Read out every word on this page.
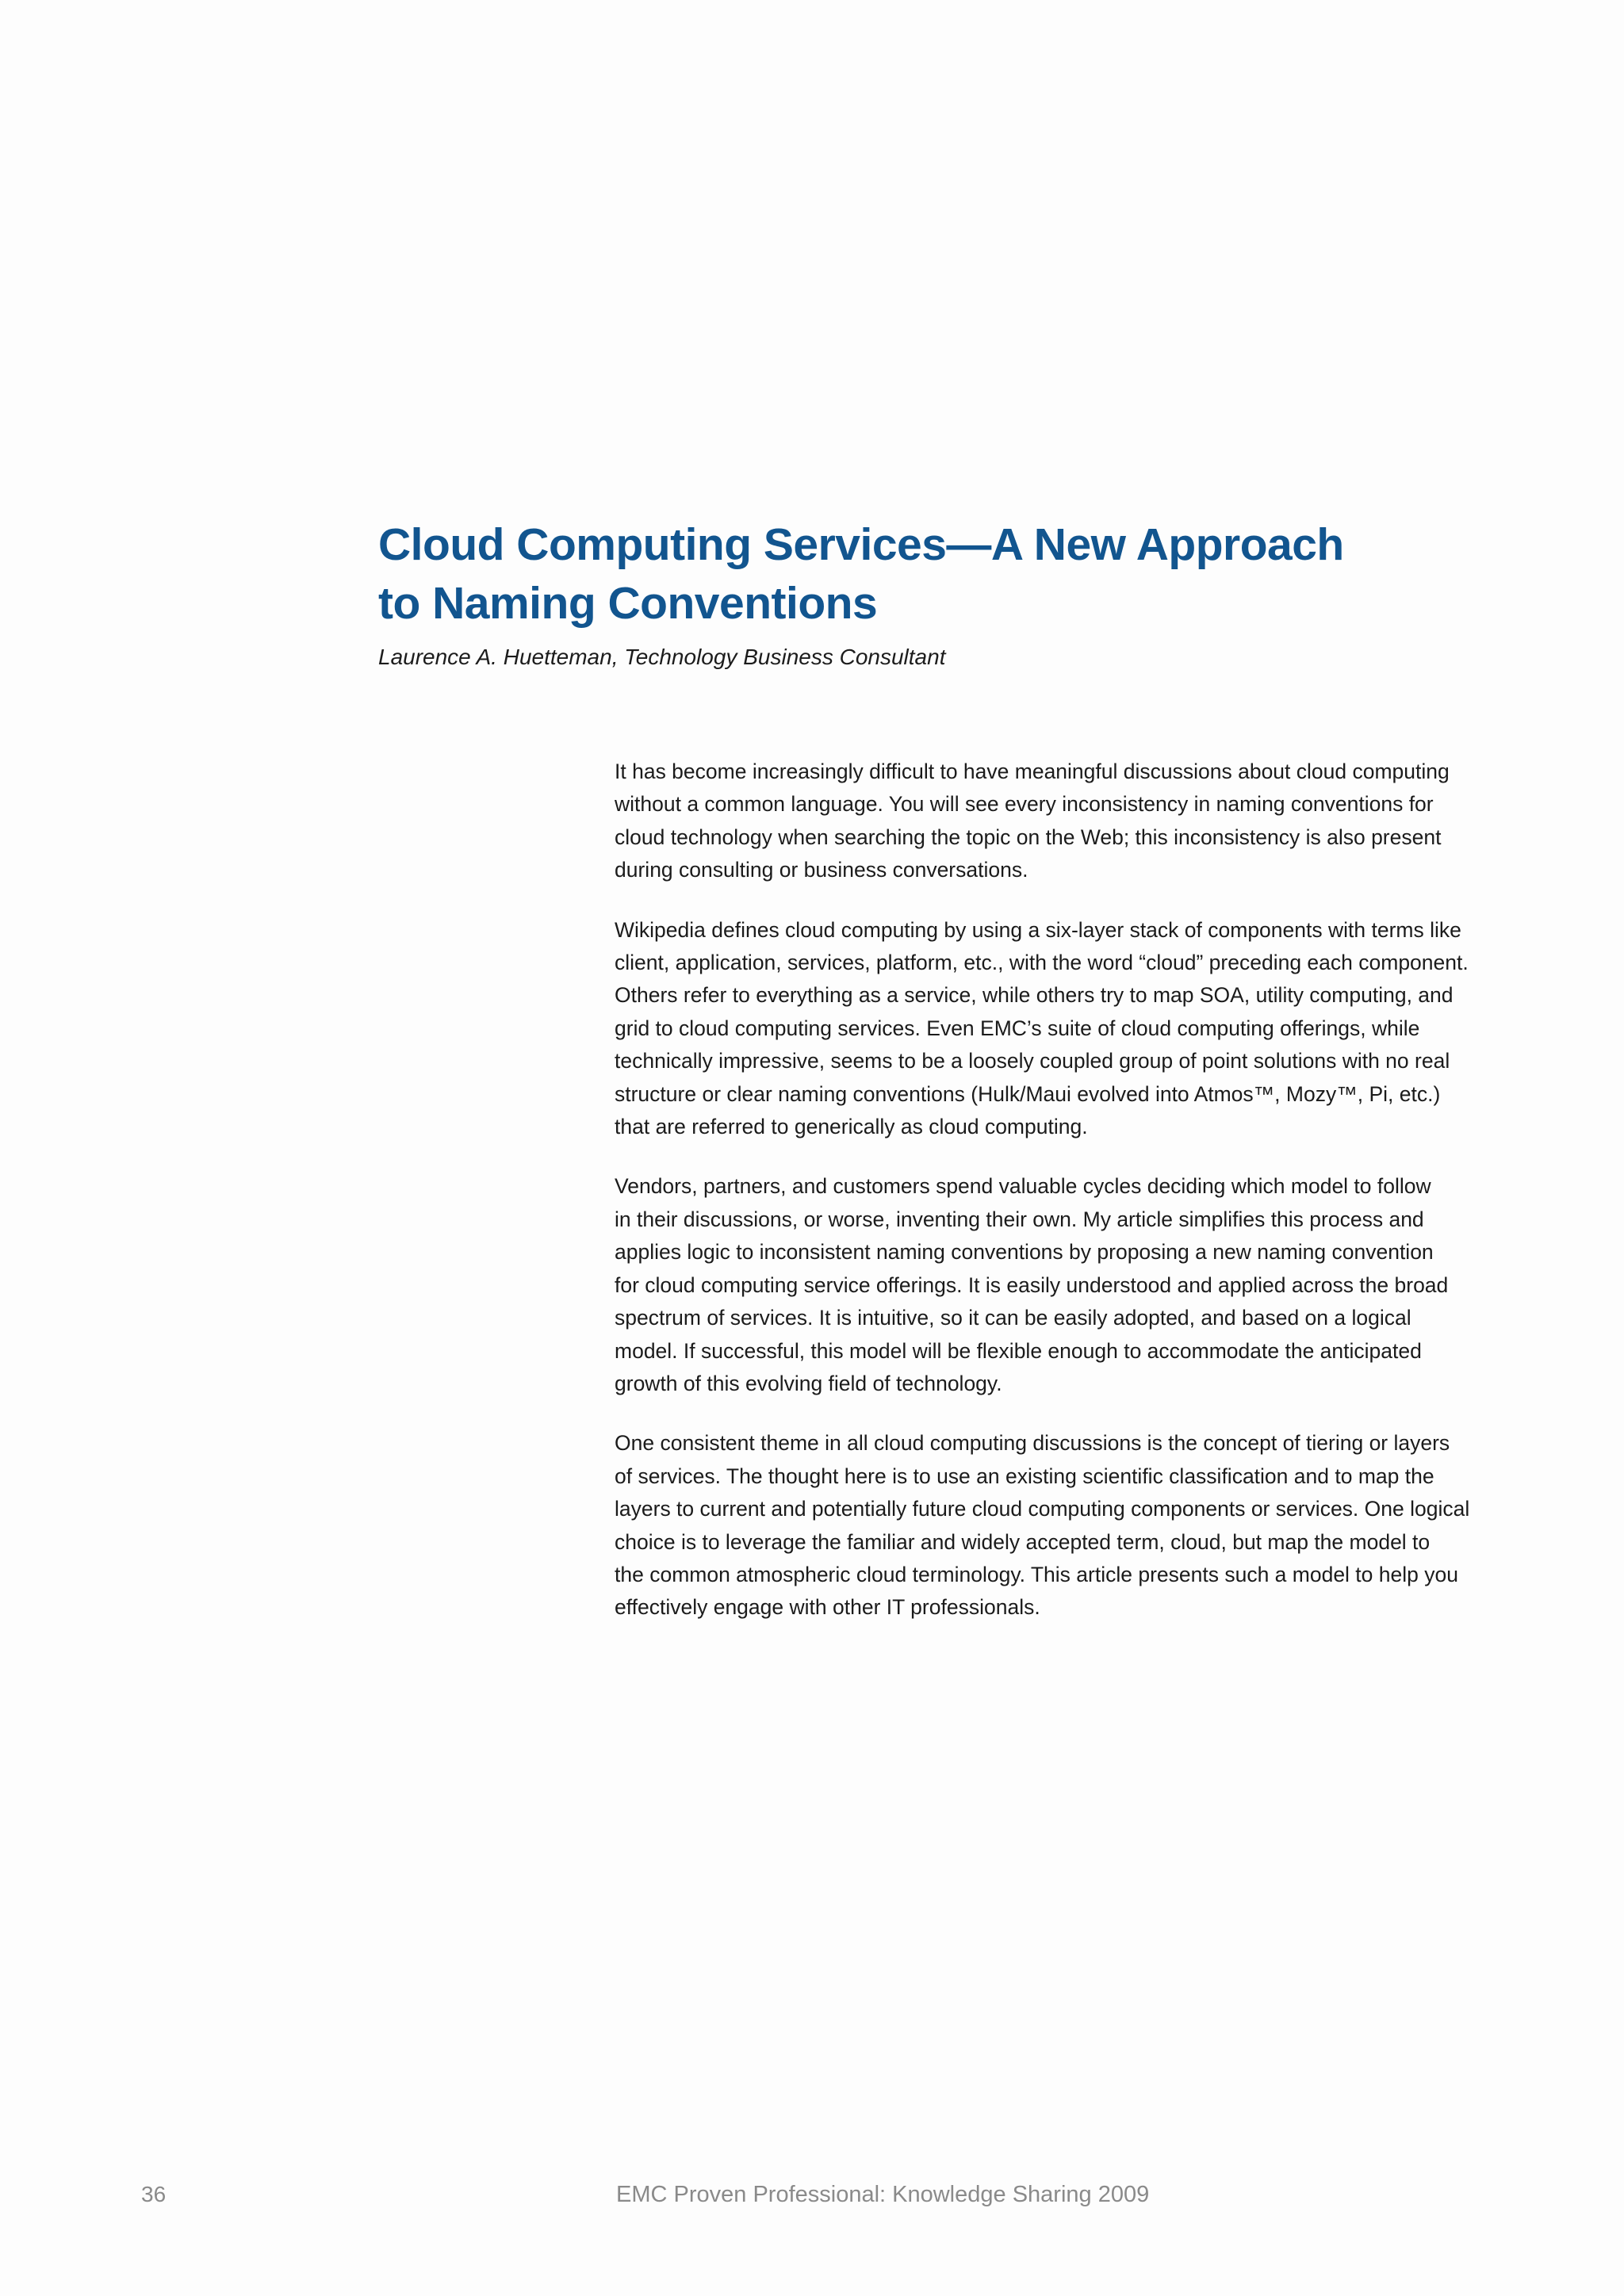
Cloud Computing Services—A New Approach
to Naming Conventions

Laurence A. Huetteman, Technology Business Consultant

It has become increasingly difficult to have meaningful discussions about cloud computing
without a common language. You will see every inconsistency in naming conventions for
cloud technology when searching the topic on the Web; this inconsistency is also present
during consulting or business conversations.

Wikipedia defines cloud computing by using a six-layer stack of components with terms like
client, application, services, platform, etc., with the word “cloud” preceding each component.
Others refer to everything as a service, while others try to map SOA, utility computing, and
grid to cloud computing services. Even EMC’s suite of cloud computing offerings, while
technically impressive, seems to be a loosely coupled group of point solutions with no real
structure or clear naming conventions (Hulk/Maui evolved into Atmos™, Mozy™, Pi, etc.)
that are referred to generically as cloud computing.

Vendors, partners, and customers spend valuable cycles deciding which model to follow
in their discussions, or worse, inventing their own. My article simplifies this process and
applies logic to inconsistent naming conventions by proposing a new naming convention
for cloud computing service offerings. It is easily understood and applied across the broad
spectrum of services. It is intuitive, so it can be easily adopted, and based on a logical
model. If successful, this model will be flexible enough to accommodate the anticipated
growth of this evolving field of technology.

One consistent theme in all cloud computing discussions is the concept of tiering or layers
of services. The thought here is to use an existing scientific classification and to map the
layers to current and potentially future cloud computing components or services. One logical
choice is to leverage the familiar and widely accepted term, cloud, but map the model to
the common atmospheric cloud terminology. This article presents such a model to help you
effectively engage with other IT professionals.

36	EMC Proven Professional: Knowledge Sharing 2009
